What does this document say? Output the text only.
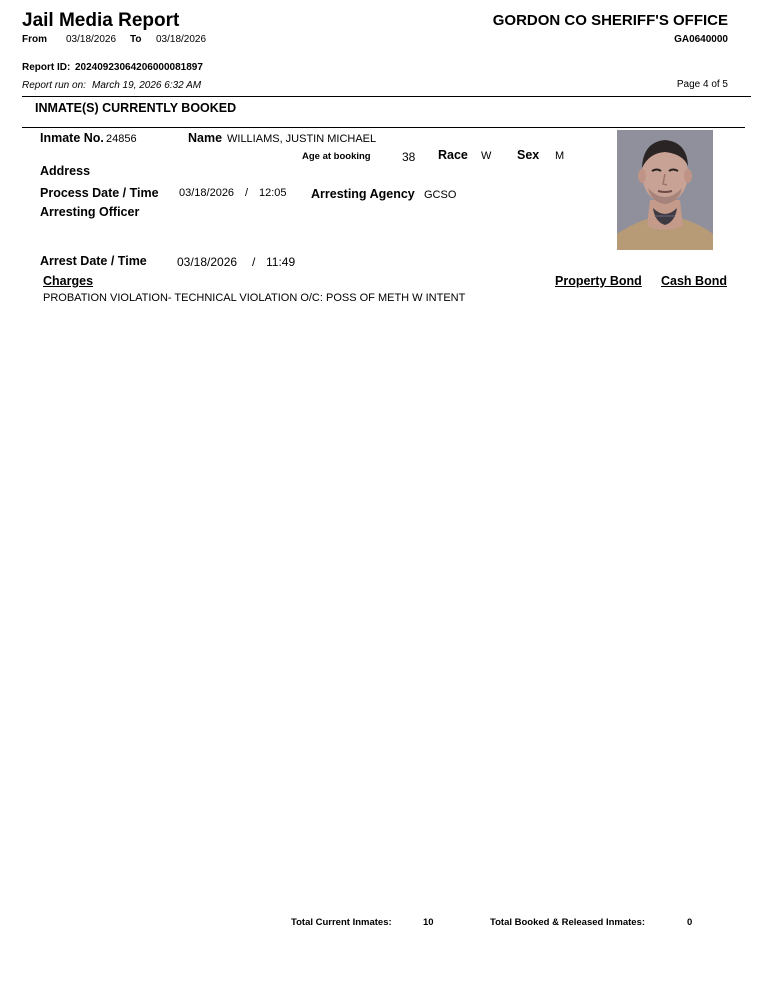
Jail Media Report
From 03/18/2026 To 03/18/2026
GORDON CO SHERIFF'S OFFICE
GA0640000
Report ID: 20240923064206000081897
Report run on: March 19, 2026 6:32 AM	Page 4 of 5
INMATE(S) CURRENTLY BOOKED
Inmate No. 24856	Name WILLIAMS, JUSTIN MICHAEL
Age at booking	38 Race W Sex M
Address
Process Date / Time 03/18/2026 / 12:05 Arresting Agency GCSO
Arresting Officer
Arrest Date / Time	03/18/2026 / 11:49
Charges	Property Bond Cash Bond
PROBATION VIOLATION- TECHNICAL VIOLATION O/C: POSS OF METH W INTENT
Total Current Inmates:	10	Total Booked & Released Inmates:	0
